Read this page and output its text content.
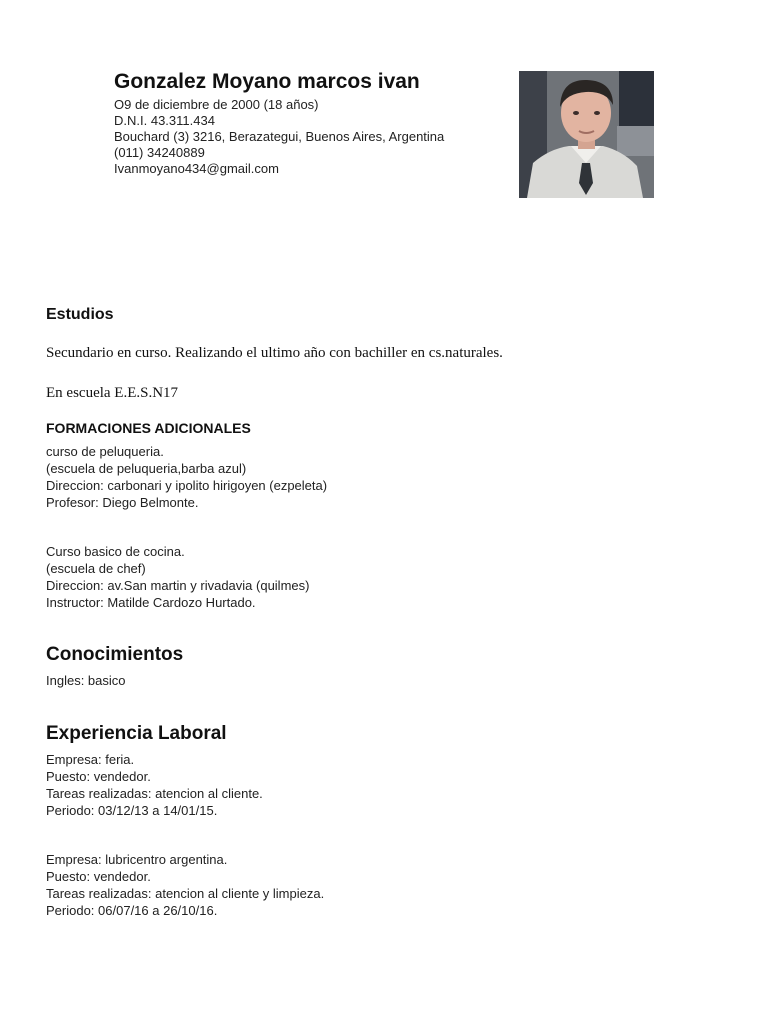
Gonzalez Moyano marcos ivan
O9 de diciembre de 2000 (18 años)
D.N.I. 43.311.434
Bouchard (3) 3216, Berazategui, Buenos Aires, Argentina
(011) 34240889
Ivanmoyano434@gmail.com
Estudios
Secundario en curso. Realizando el ultimo año con bachiller en cs.naturales.
En escuela E.E.S.N17
FORMACIONES ADICIONALES
curso de peluqueria.
(escuela de peluqueria,barba azul)
Direccion: carbonari y ipolito hirigoyen (ezpeleta)
Profesor: Diego Belmonte.
Curso basico de cocina.
(escuela de chef)
Direccion: av.San martin y rivadavia (quilmes)
Instructor: Matilde Cardozo Hurtado.
Conocimientos
Ingles: basico
Experiencia Laboral
Empresa: feria.
Puesto: vendedor.
Tareas realizadas: atencion al cliente.
Periodo: 03/12/13 a 14/01/15.
Empresa: lubricentro argentina.
Puesto: vendedor.
Tareas realizadas: atencion al cliente y limpieza.
Periodo: 06/07/16 a 26/10/16.
